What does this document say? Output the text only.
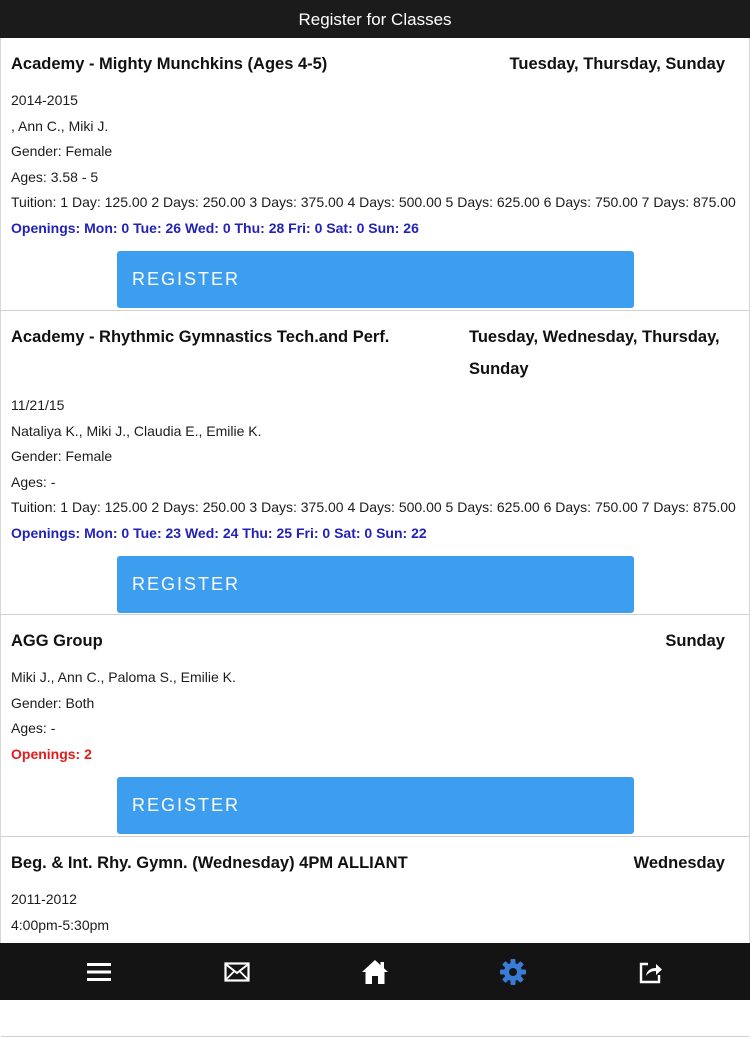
Register for Classes
Academy - Mighty Munchkins (Ages 4-5)	Tuesday, Thursday, Sunday
2014-2015
, Ann C., Miki J.
Gender: Female
Ages: 3.58 - 5
Tuition: 1 Day: 125.00 2 Days: 250.00 3 Days: 375.00 4 Days: 500.00 5 Days: 625.00 6 Days: 750.00 7 Days: 875.00
Openings: Mon: 0 Tue: 26 Wed: 0 Thu: 28 Fri: 0 Sat: 0 Sun: 26
REGISTER
Academy - Rhythmic Gymnastics Tech.and Perf.	Tuesday, Wednesday, Thursday, Sunday
11/21/15
Nataliya K., Miki J., Claudia E., Emilie K.
Gender: Female
Ages: -
Tuition: 1 Day: 125.00 2 Days: 250.00 3 Days: 375.00 4 Days: 500.00 5 Days: 625.00 6 Days: 750.00 7 Days: 875.00
Openings: Mon: 0 Tue: 23 Wed: 24 Thu: 25 Fri: 0 Sat: 0 Sun: 22
REGISTER
AGG Group	Sunday
Miki J., Ann C., Paloma S., Emilie K.
Gender: Both
Ages: -
Openings: 2
REGISTER
Beg. & Int. Rhy. Gymn. (Wednesday) 4PM ALLIANT	Wednesday
2011-2012
4:00pm-5:30pm
